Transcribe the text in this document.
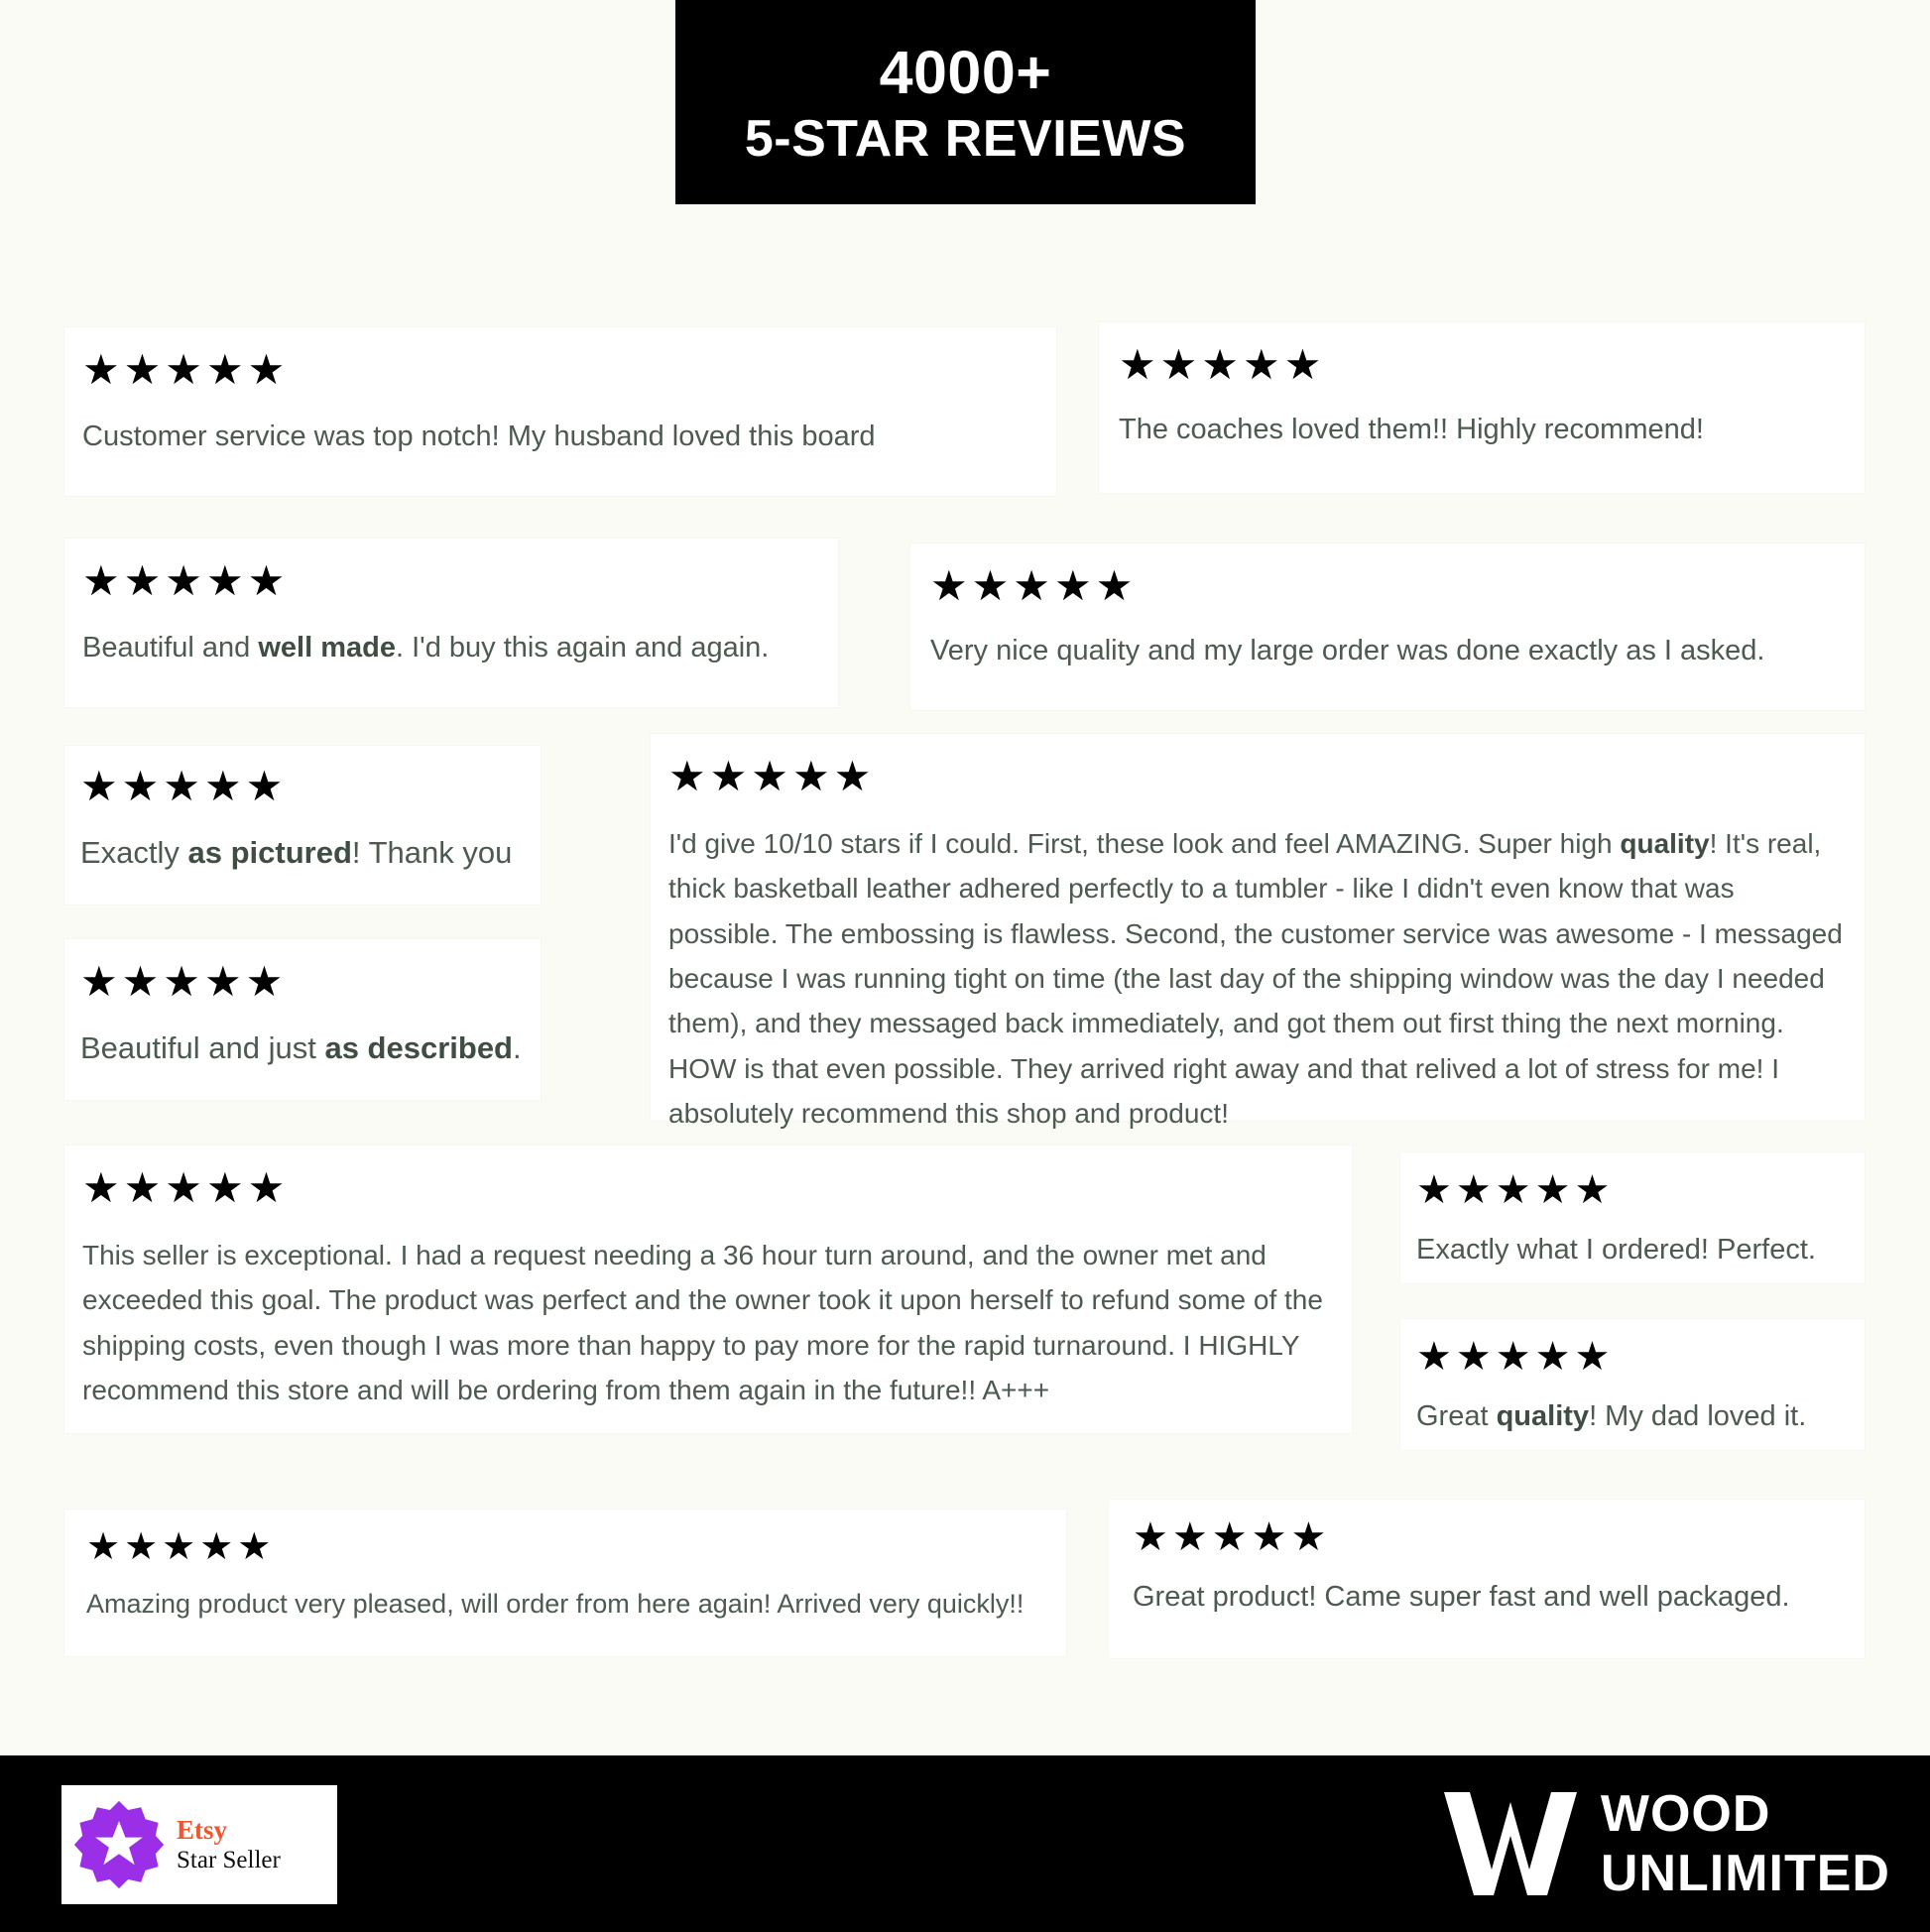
4000+
5-STAR REVIEWS
★★★★★
Customer service was top notch! My husband loved this board
★★★★★
The coaches loved them!! Highly recommend!
★★★★★
Beautiful and well made. I'd buy this again and again.
★★★★★
Very nice quality and my large order was done exactly as I asked.
★★★★★
Exactly as pictured! Thank you
★★★★★
I'd give 10/10 stars if I could. First, these look and feel AMAZING. Super high quality! It's real, thick basketball leather adhered perfectly to a tumbler - like I didn't even know that was possible. The embossing is flawless. Second, the customer service was awesome - I messaged because I was running tight on time (the last day of the shipping window was the day I needed them), and they messaged back immediately, and got them out first thing the next morning. HOW is that even possible. They arrived right away and that relived a lot of stress for me! I absolutely recommend this shop and product!
★★★★★
Beautiful and just as described.
★★★★★
This seller is exceptional. I had a request needing a 36 hour turn around, and the owner met and exceeded this goal. The product was perfect and the owner took it upon herself to refund some of the shipping costs, even though I was more than happy to pay more for the rapid turnaround. I HIGHLY recommend this store and will be ordering from them again in the future!! A+++
★★★★★
Exactly what I ordered! Perfect.
★★★★★
Great quality! My dad loved it.
★★★★★
Amazing product very pleased, will order from here again! Arrived very quickly!!
★★★★★
Great product! Came super fast and well packaged.
Etsy
Star Seller
WOOD
UNLIMITED
